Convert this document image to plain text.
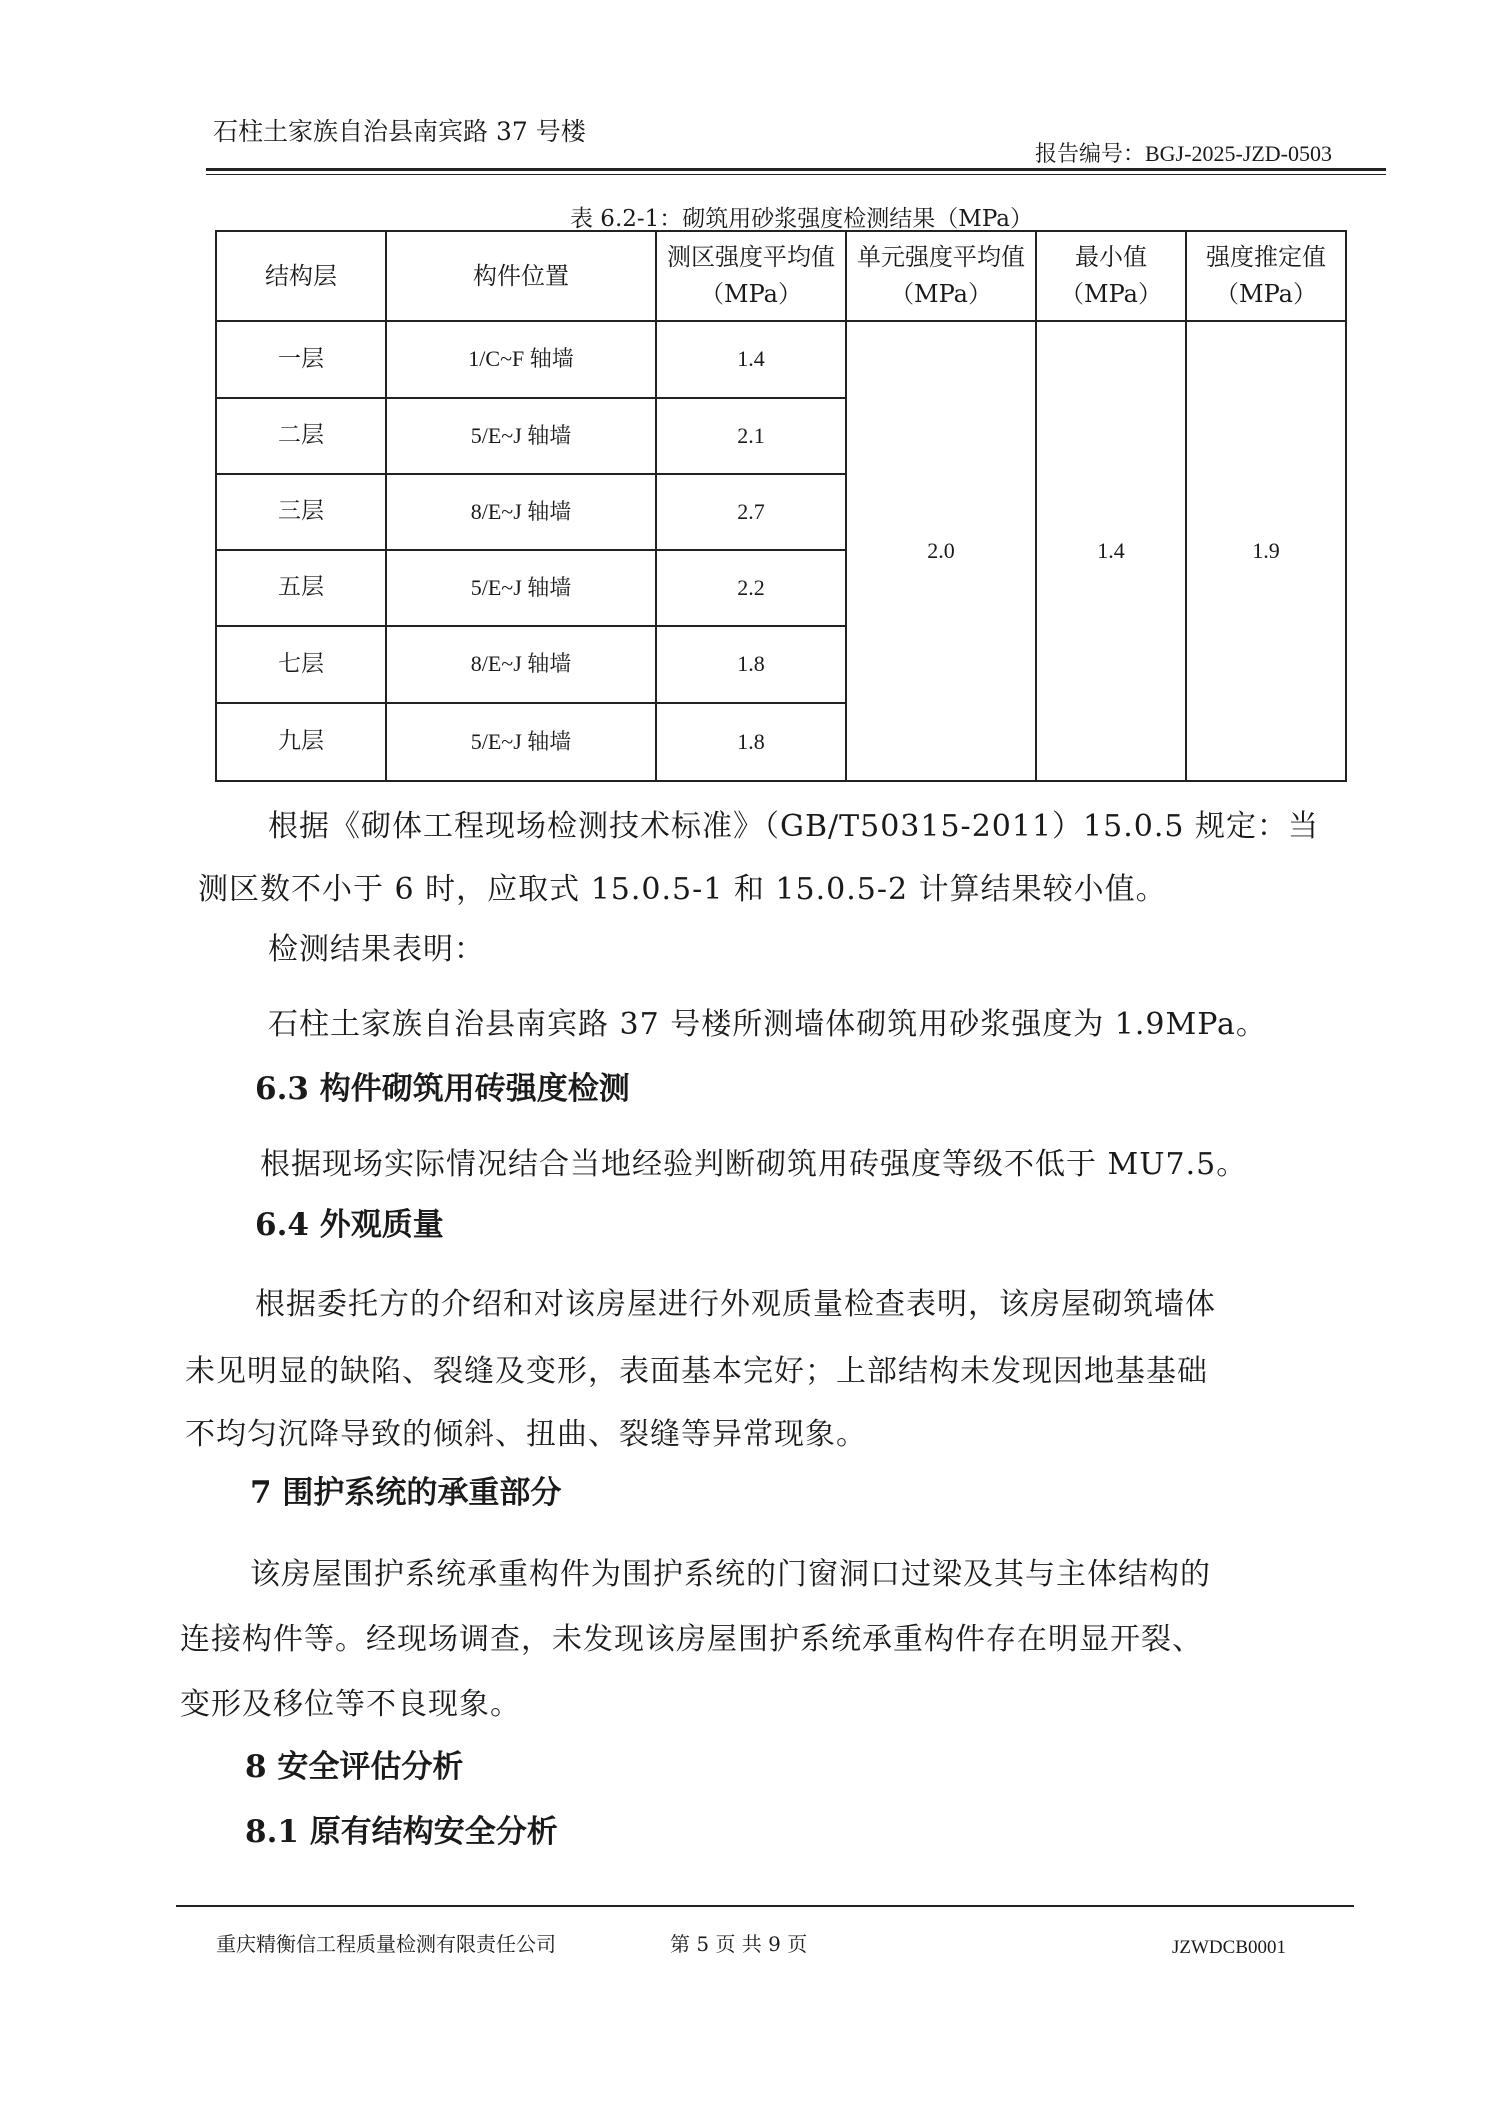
石柱土家族自治县南宾路 37 号楼
报告编号：BGJ-2025-JZD-0503
表 6.2-1：砌筑用砂浆强度检测结果（MPa）
结构层	构件位置	测区强度平均值（MPa）	单元强度平均值（MPa）	最小值（MPa）	强度推定值（MPa）
一层	1/C~F 轴墙	1.4	2.0	1.4	1.9
二层	5/E~J 轴墙	2.1			
三层	8/E~J 轴墙	2.7			
五层	5/E~J 轴墙	2.2			
七层	8/E~J 轴墙	1.8			
九层	5/E~J 轴墙	1.8			
根据《砌体工程现场检测技术标准》（GB/T50315-2011）15.0.5 规定：当
测区数不小于 6 时，应取式 15.0.5-1 和 15.0.5-2 计算结果较小值。
检测结果表明：
石柱土家族自治县南宾路 37 号楼所测墙体砌筑用砂浆强度为 1.9MPa。
6.3 构件砌筑用砖强度检测
根据现场实际情况结合当地经验判断砌筑用砖强度等级不低于 MU7.5。
6.4 外观质量
根据委托方的介绍和对该房屋进行外观质量检查表明，该房屋砌筑墙体
未见明显的缺陷、裂缝及变形，表面基本完好；上部结构未发现因地基基础
不均匀沉降导致的倾斜、扭曲、裂缝等异常现象。
7 围护系统的承重部分
该房屋围护系统承重构件为围护系统的门窗洞口过梁及其与主体结构的
连接构件等。经现场调查，未发现该房屋围护系统承重构件存在明显开裂、
变形及移位等不良现象。
8 安全评估分析
8.1 原有结构安全分析
重庆精衡信工程质量检测有限责任公司	第 5 页 共 9 页	JZWDCB0001
